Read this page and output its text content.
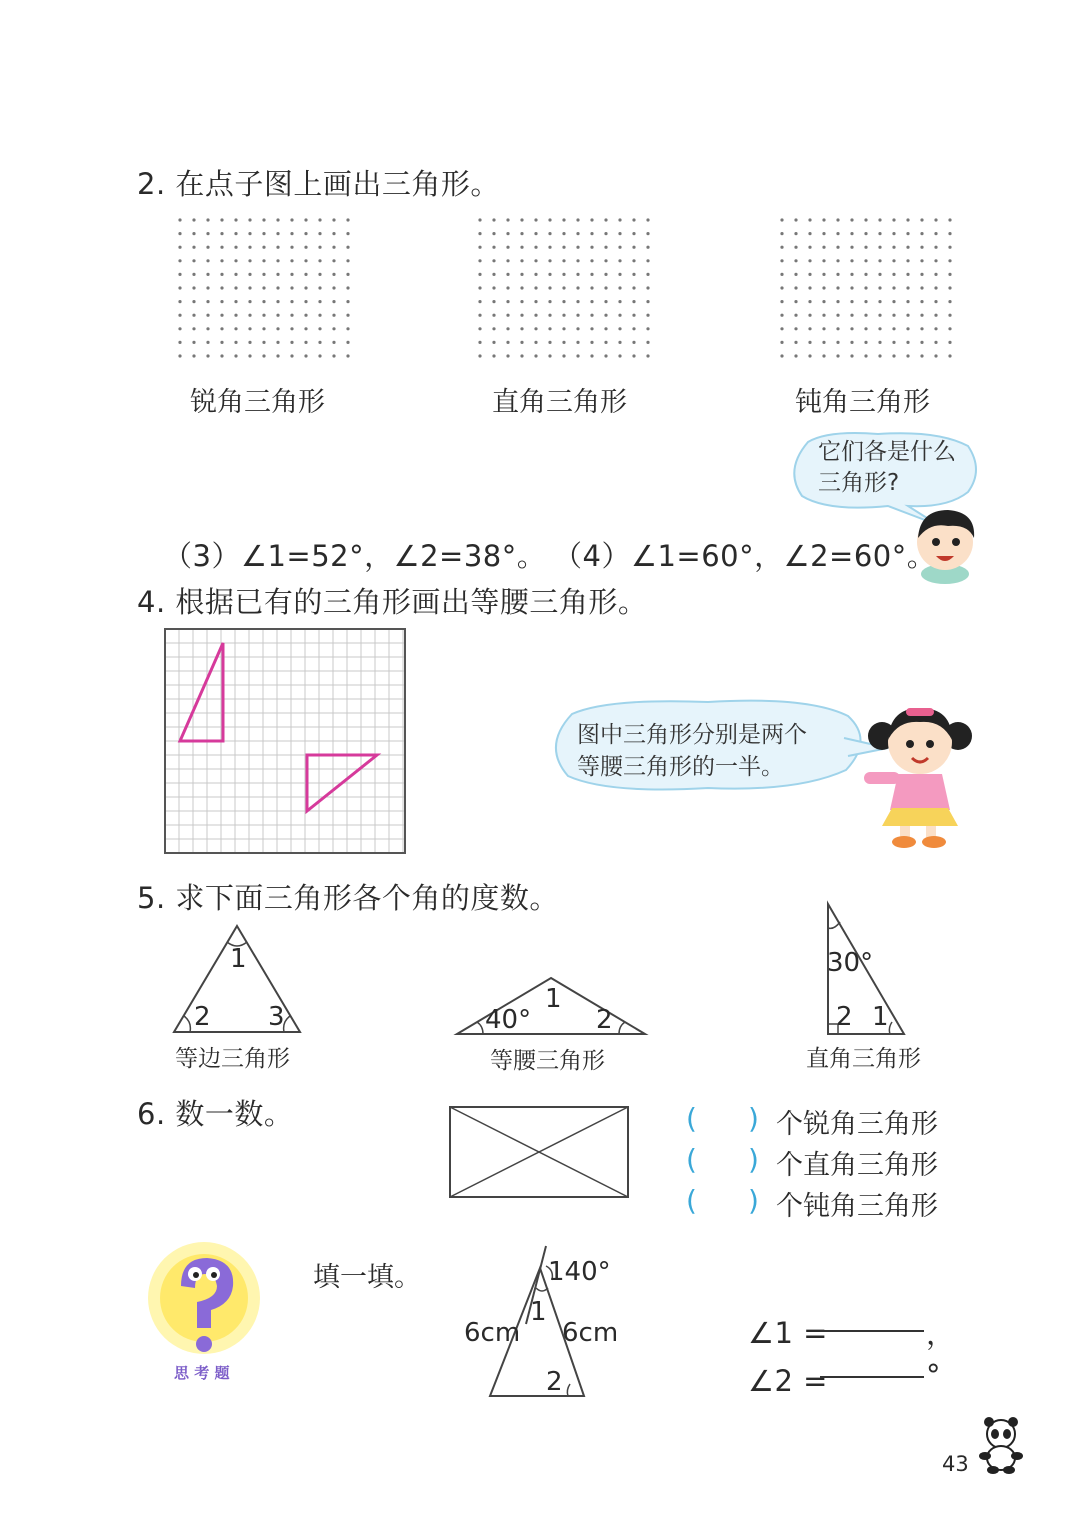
2. 在点子图上画出三角形。
锐角三角形	直角三角形	钝角三角形
它们各是什么
三角形?
（3）∠1=52°，∠2=38°。 （4）∠1=60°，∠2=60°。
4. 根据已有的三角形画出等腰三角形。
图中三角形分别是两个
等腰三角形的一半。
5. 求下面三角形各个角的度数。
1
2 3
等边三角形
40°
1
2
等腰三角形
30°
2 1
直角三角形
6. 数一数。	( ) 个锐角三角形
( ) 个直角三角形
( ) 个钝角三角形
思 考 题
填一填。	140°
6cm 6cm
1
2
∠1 =	，
∠2 =	°
43
